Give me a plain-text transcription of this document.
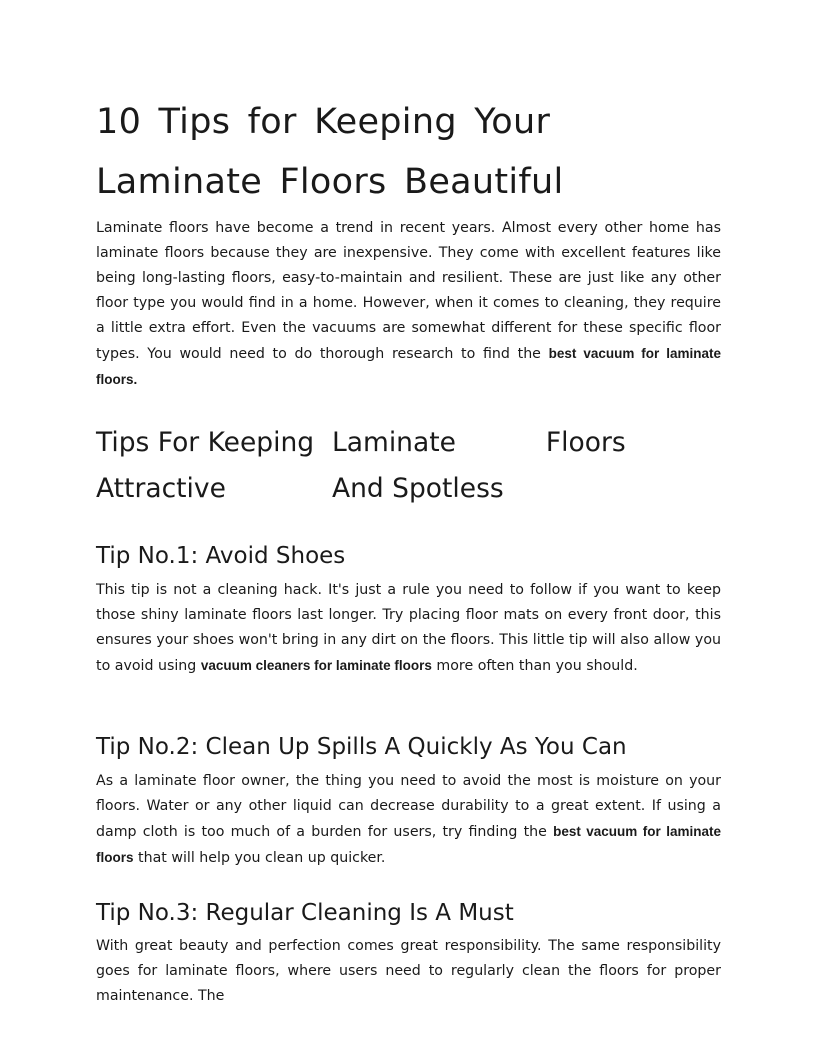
10 Tips for Keeping Your Laminate Floors Beautiful

Laminate floors have become a trend in recent years. Almost every other home has laminate floors because they are inexpensive. They come with excellent features like being long-lasting floors, easy-to-maintain and resilient. These are just like any other floor type you would find in a home. However, when it comes to cleaning, they require a little extra effort. Even the vacuums are somewhat different for these specific floor types. You would need to do thorough research to find the best vacuum for laminate floors.

Tips For Keeping
Attractive
Laminate	Floors
And Spotless
Tip No.1: Avoid Shoes

This tip is not a cleaning hack. It's just a rule you need to follow if you want to keep those shiny laminate floors last longer. Try placing floor mats on every front door, this ensures your shoes won't bring in any dirt on the floors. This little tip will also allow you to avoid using vacuum cleaners for laminate floors more often than you should.

Tip No.2: Clean Up Spills A Quickly As You Can

As a laminate floor owner, the thing you need to avoid the most is moisture on your floors. Water or any other liquid can decrease durability to a great extent. If using a damp cloth is too much of a burden for users, try finding the best vacuum for laminate floors that will help you clean up quicker.

Tip No.3: Regular Cleaning Is A Must

With great beauty and perfection comes great responsibility. The same responsibility goes for laminate floors, where users need to regularly clean the floors for proper maintenance. The
